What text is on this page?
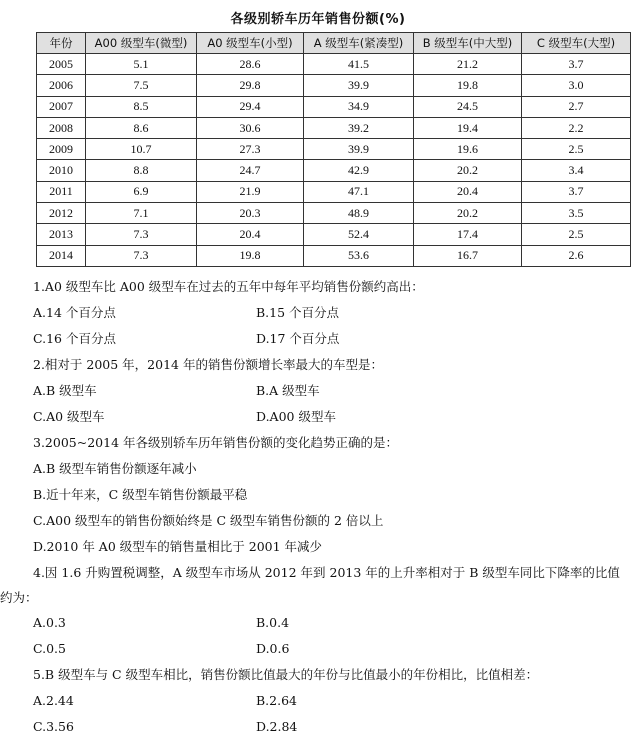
各级别轿车历年销售份额(%)
年份	A00 级型车(微型)	A0 级型车(小型)	A 级型车(紧凑型)	B 级型车(中大型)	C 级型车(大型)
2005	5.1	28.6	41.5	21.2	3.7
2006	7.5	29.8	39.9	19.8	3.0
2007	8.5	29.4	34.9	24.5	2.7
2008	8.6	30.6	39.2	19.4	2.2
2009	10.7	27.3	39.9	19.6	2.5
2010	8.8	24.7	42.9	20.2	3.4
2011	6.9	21.9	47.1	20.4	3.7
2012	7.1	20.3	48.9	20.2	3.5
2013	7.3	20.4	52.4	17.4	2.5
2014	7.3	19.8	53.6	16.7	2.6
1.A0 级型车比 A00 级型车在过去的五年中每年平均销售份额约高出：
A.14 个百分点	B.15 个百分点
C.16 个百分点	D.17 个百分点
2.相对于 2005 年，2014 年的销售份额增长率最大的车型是：
A.B 级型车	B.A 级型车
C.A0 级型车	D.A00 级型车
3.2005~2014 年各级别轿车历年销售份额的变化趋势正确的是：
A.B 级型车销售份额逐年减小
B.近十年来，C 级型车销售份额最平稳
C.A00 级型车的销售份额始终是 C 级型车销售份额的 2 倍以上
D.2010 年 A0 级型车的销售量相比于 2001 年减少
4.因 1.6 升购置税调整，A 级型车市场从 2012 年到 2013 年的上升率相对于 B 级型车同比下降率的比值约为：
A.0.3	B.0.4
C.0.5	D.0.6
5.B 级型车与 C 级型车相比，销售份额比值最大的年份与比值最小的年份相比，比值相差：
A.2.44	B.2.64
C.3.56	D.2.84
